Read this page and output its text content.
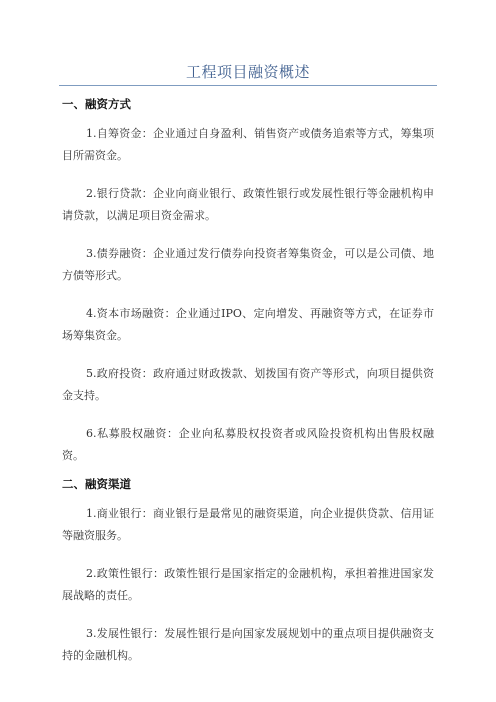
工程项目融资概述
一、融资方式
1.自筹资金：企业通过自身盈利、销售资产或债务追索等方式，筹集项目所需资金。
2.银行贷款：企业向商业银行、政策性银行或发展性银行等金融机构申请贷款，以满足项目资金需求。
3.债券融资：企业通过发行债券向投资者筹集资金，可以是公司债、地方债等形式。
4.资本市场融资：企业通过IPO、定向增发、再融资等方式，在证券市场筹集资金。
5.政府投资：政府通过财政拨款、划拨国有资产等形式，向项目提供资金支持。
6.私募股权融资：企业向私募股权投资者或风险投资机构出售股权融资。
二、融资渠道
1.商业银行：商业银行是最常见的融资渠道，向企业提供贷款、信用证等融资服务。
2.政策性银行：政策性银行是国家指定的金融机构，承担着推进国家发展战略的责任。
3.发展性银行：发展性银行是向国家发展规划中的重点项目提供融资支持的金融机构。
